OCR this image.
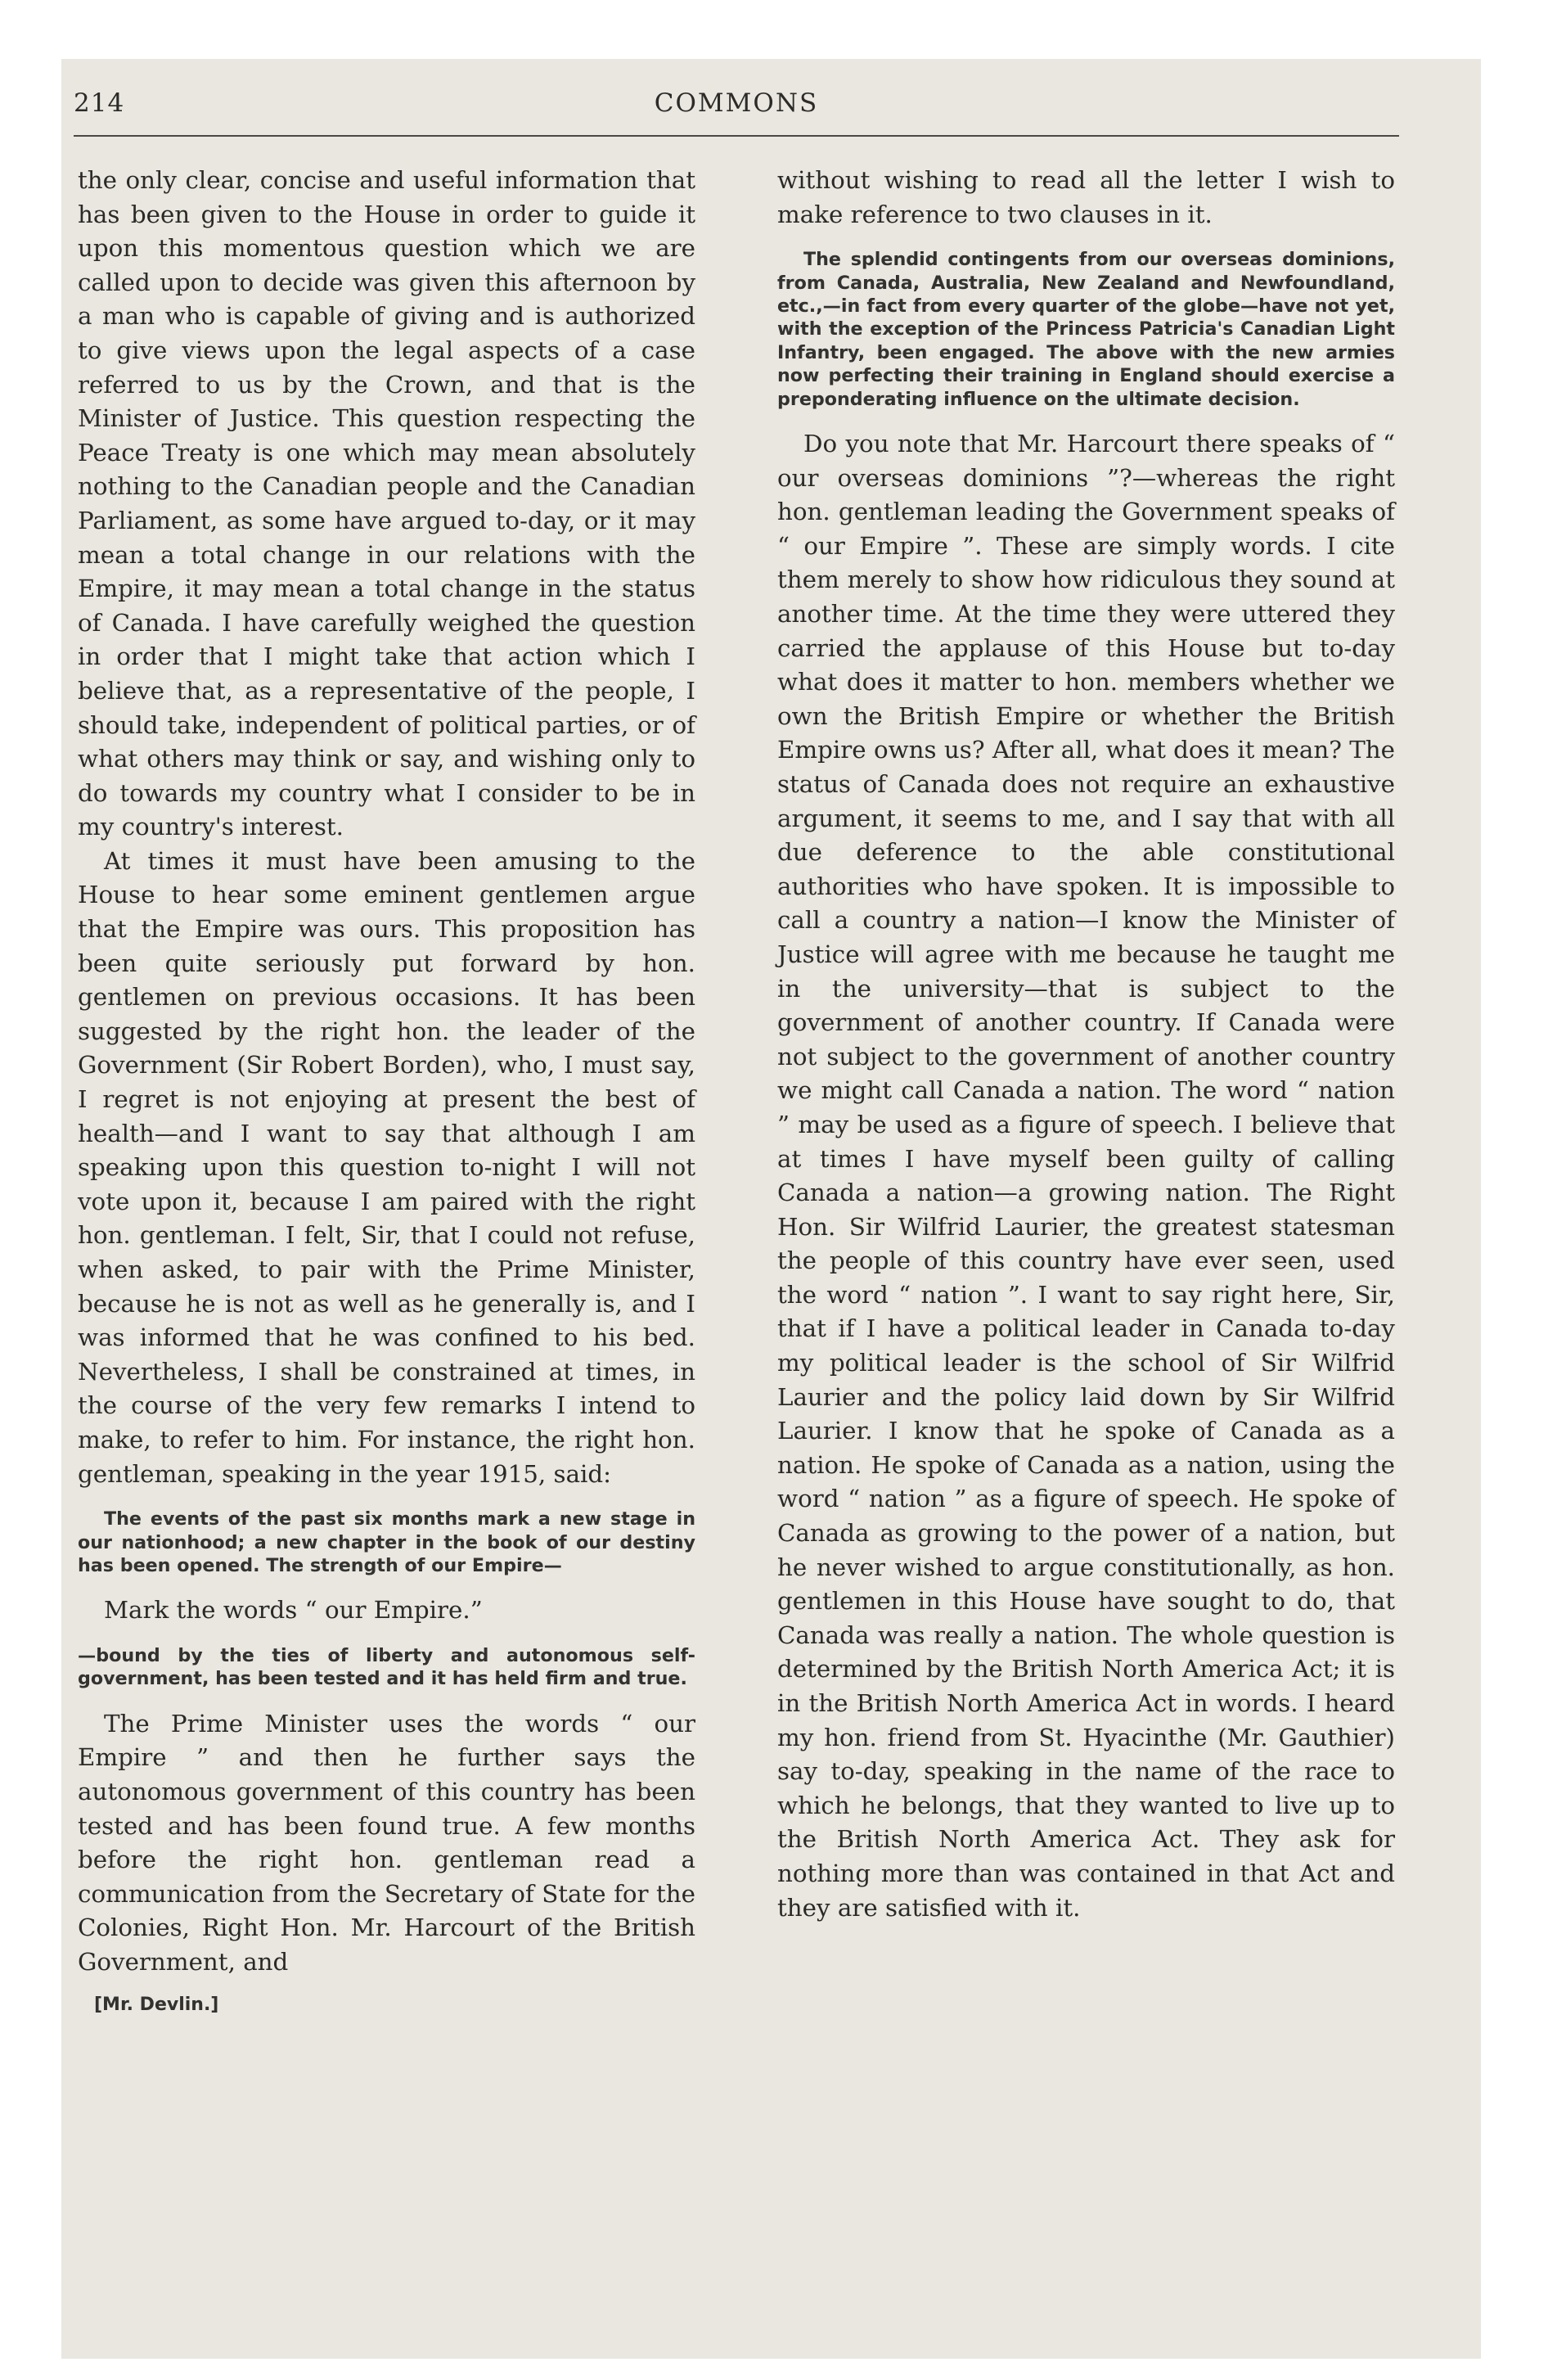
214	COMMONS

the only clear, concise and useful information that has been given to the House in order to guide it upon this momentous question which we are called upon to decide was given this afternoon by a man who is capable of giving and is authorized to give views upon the legal aspects of a case referred to us by the Crown, and that is the Minister of Justice. This question respecting the Peace Treaty is one which may mean absolutely nothing to the Canadian people and the Canadian Parliament, as some have argued to-day, or it may mean a total change in our relations with the Empire, it may mean a total change in the status of Canada. I have carefully weighed the question in order that I might take that action which I believe that, as a representative of the people, I should take, independent of political parties, or of what others may think or say, and wishing only to do towards my country what I consider to be in my country's interest.

At times it must have been amusing to the House to hear some eminent gentlemen argue that the Empire was ours. This proposition has been quite seriously put forward by hon. gentlemen on previous occasions. It has been suggested by the right hon. the leader of the Government (Sir Robert Borden), who, I must say, I regret is not enjoying at present the best of health—and I want to say that although I am speaking upon this question to-night I will not vote upon it, because I am paired with the right hon. gentleman. I felt, Sir, that I could not refuse, when asked, to pair with the Prime Minister, because he is not as well as he generally is, and I was informed that he was confined to his bed. Nevertheless, I shall be constrained at times, in the course of the very few remarks I intend to make, to refer to him. For instance, the right hon. gentleman, speaking in the year 1915, said:

The events of the past six months mark a new stage in our nationhood; a new chapter in the book of our destiny has been opened. The strength of our Empire—

Mark the words “ our Empire.”

—bound by the ties of liberty and autonomous self-government, has been tested and it has held firm and true.

The Prime Minister uses the words “ our Empire ” and then he further says the autonomous government of this country has been tested and has been found true. A few months before the right hon. gentleman read a communication from the Secretary of State for the Colonies, Right Hon. Mr. Harcourt of the British Government, and

[Mr. Devlin.]

without wishing to read all the letter I wish to make reference to two clauses in it.

The splendid contingents from our overseas dominions, from Canada, Australia, New Zealand and Newfoundland, etc.,—in fact from every quarter of the globe—have not yet, with the exception of the Princess Patricia's Canadian Light Infantry, been engaged. The above with the new armies now perfecting their training in England should exercise a preponderating influence on the ultimate decision.

Do you note that Mr. Harcourt there speaks of “ our overseas dominions ”?—whereas the right hon. gentleman leading the Government speaks of “ our Empire ”. These are simply words. I cite them merely to show how ridiculous they sound at another time. At the time they were uttered they carried the applause of this House but to-day what does it matter to hon. members whether we own the British Empire or whether the British Empire owns us? After all, what does it mean? The status of Canada does not require an exhaustive argument, it seems to me, and I say that with all due deference to the able constitutional authorities who have spoken. It is impossible to call a country a nation—I know the Minister of Justice will agree with me because he taught me in the university—that is subject to the government of another country. If Canada were not subject to the government of another country we might call Canada a nation. The word “ nation ” may be used as a figure of speech. I believe that at times I have myself been guilty of calling Canada a nation—a growing nation. The Right Hon. Sir Wilfrid Laurier, the greatest statesman the people of this country have ever seen, used the word “ nation ”. I want to say right here, Sir, that if I have a political leader in Canada to-day my political leader is the school of Sir Wilfrid Laurier and the policy laid down by Sir Wilfrid Laurier. I know that he spoke of Canada as a nation. He spoke of Canada as a nation, using the word “ nation ” as a figure of speech. He spoke of Canada as growing to the power of a nation, but he never wished to argue constitutionally, as hon. gentlemen in this House have sought to do, that Canada was really a nation. The whole question is determined by the British North America Act; it is in the British North America Act in words. I heard my hon. friend from St. Hyacinthe (Mr. Gauthier) say to-day, speaking in the name of the race to which he belongs, that they wanted to live up to the British North America Act. They ask for nothing more than was contained in that Act and they are satisfied with it.
